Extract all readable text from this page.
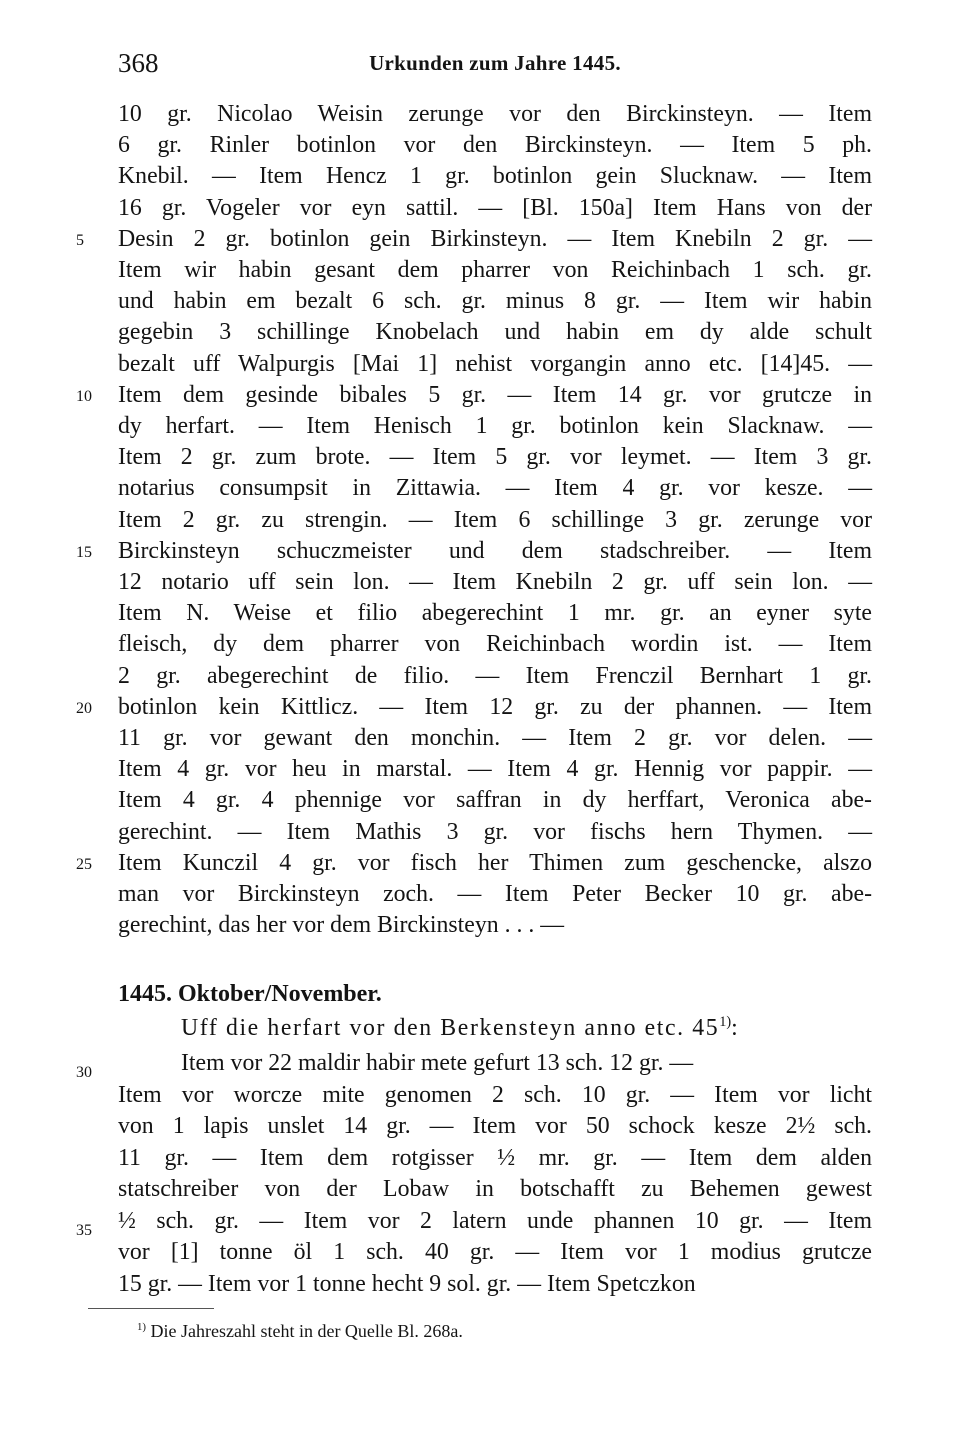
368	Urkunden zum Jahre 1445.
10 gr. Nicolao Weisin zerunge vor den Birckinsteyn. — Item
6 gr. Rinler botinlon vor den Birckinsteyn. — Item 5 ph.
Knebil. — Item Hencz 1 gr. botinlon gein Slucknaw. — Item
16 gr. Vogeler vor eyn sattil. — [Bl. 150a] Item Hans von der
Desin 2 gr. botinlon gein Birkinsteyn. — Item Knebiln 2 gr. —
Item wir habin gesant dem pharrer von Reichinbach 1 sch. gr.
und habin em bezalt 6 sch. gr. minus 8 gr. — Item wir habin
gegebin 3 schillinge Knobelach und habin em dy alde schult
bezalt uff Walpurgis [Mai 1] nehist vorgangin anno etc. [14]45. —
Item dem gesinde bibales 5 gr. — Item 14 gr. vor grutcze in
dy herfart. — Item Henisch 1 gr. botinlon kein Slacknaw. —
Item 2 gr. zum brote. — Item 5 gr. vor leymet. — Item 3 gr.
notarius consumpsit in Zittawia. — Item 4 gr. vor kesze. —
Item 2 gr. zu strengin. — Item 6 schillinge 3 gr. zerunge vor
Birckinsteyn schuczmeister und dem stadschreiber. — Item
12 notario uff sein lon. — Item Knebiln 2 gr. uff sein lon. —
Item N. Weise et filio abegerechint 1 mr. gr. an eyner syte
fleisch, dy dem pharrer von Reichinbach wordin ist. — Item
2 gr. abegerechint de filio. — Item Frenczil Bernhart 1 gr.
botinlon kein Kittlicz. — Item 12 gr. zu der phannen. — Item
11 gr. vor gewant den monchin. — Item 2 gr. vor delen. —
Item 4 gr. vor heu in marstal. — Item 4 gr. Hennig vor pappir. —
Item 4 gr. 4 phennige vor saffran in dy herffart, Veronica abe-
gerechint. — Item Mathis 3 gr. vor fischs hern Thymen. —
Item Kunczil 4 gr. vor fisch her Thimen zum geschencke, alszo
man vor Birckinsteyn zoch. — Item Peter Becker 10 gr. abe-
gerechint, das her vor dem Birckinsteyn . . . —
1445. Oktober/November.
Uff die herfart vor den Berkensteyn anno etc. 45$^{1)}$:
Item vor 22 maldir habir mete gefurt 13 sch. 12 gr. —
Item vor worcze mite genomen 2 sch. 10 gr. — Item vor licht
von 1 lapis unslet 14 gr. — Item vor 50 schock kesze 2½ sch.
11 gr. — Item dem rotgisser ½ mr. gr. — Item dem alden
statschreiber von der Lobaw in botschafft zu Behemen gewest
½ sch. gr. — Item vor 2 latern unde phannen 10 gr. — Item
vor [1] tonne öl 1 sch. 40 gr. — Item vor 1 modius grutcze
15 gr. — Item vor 1 tonne hecht 9 sol. gr. — Item Spetczkon
5
10
15
20
25
30
35
$^{1)}$ Die Jahreszahl steht in der Quelle Bl. 268a.
